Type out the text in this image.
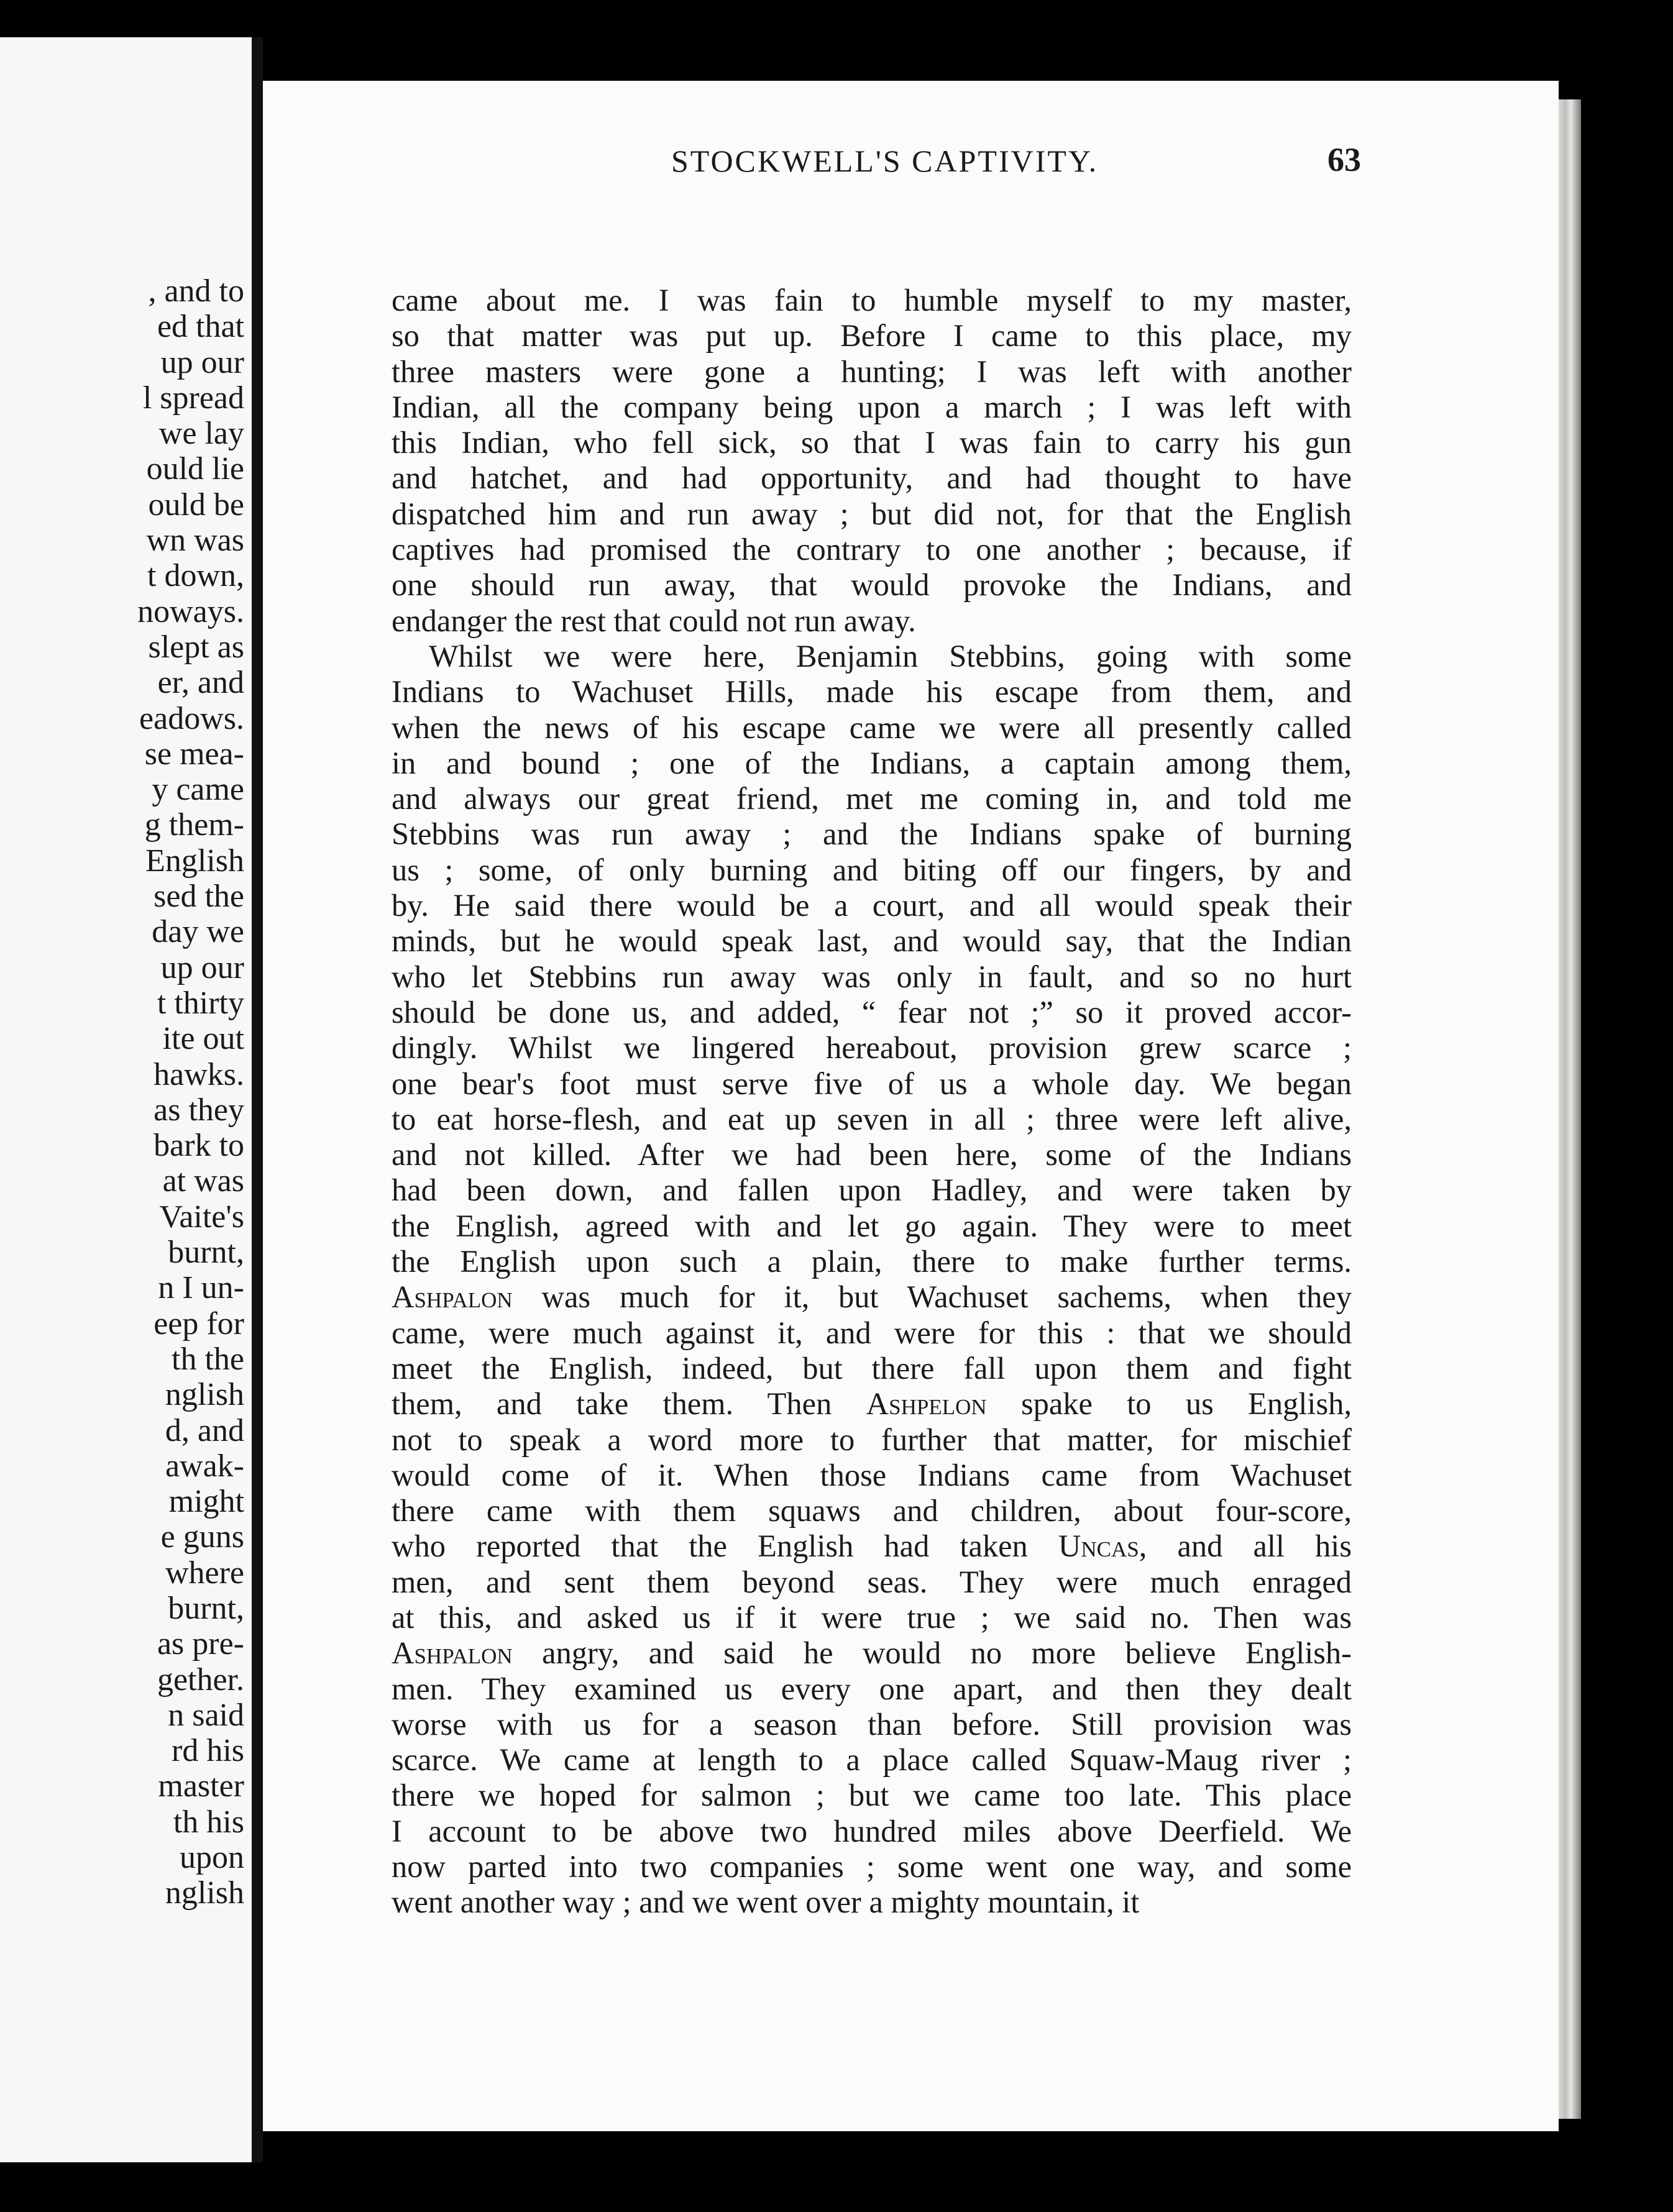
, and to
ed that
up our
l spread
we lay
ould lie
ould be
wn was
t down,
noways.
slept as
er, and
eadows.
se mea-
y came
g them-
English
sed the
day we
up our
t thirty
ite out
hawks.
as they
bark to
at was
Vaite's
burnt,
n I un-
eep for
th the
nglish
d, and
awak-
might
e guns
where
burnt,
as pre-
gether.
n said
rd his
master
th his
upon
nglish
STOCKWELL'S CAPTIVITY.	63
came about me. I was fain to humble myself to my master,
so that matter was put up. Before I came to this place, my
three masters were gone a hunting; I was left with another
Indian, all the company being upon a march ; I was left with
this Indian, who fell sick, so that I was fain to carry his gun
and hatchet, and had opportunity, and had thought to have
dispatched him and run away ; but did not, for that the English
captives had promised the contrary to one another ; because, if
one should run away, that would provoke the Indians, and
endanger the rest that could not run away.
Whilst we were here, Benjamin Stebbins, going with some
Indians to Wachuset Hills, made his escape from them, and
when the news of his escape came we were all presently called
in and bound ; one of the Indians, a captain among them,
and always our great friend, met me coming in, and told me
Stebbins was run away ; and the Indians spake of burning
us ; some, of only burning and biting off our fingers, by and
by. He said there would be a court, and all would speak their
minds, but he would speak last, and would say, that the Indian
who let Stebbins run away was only in fault, and so no hurt
should be done us, and added, “ fear not ;” so it proved accor-
dingly. Whilst we lingered hereabout, provision grew scarce ;
one bear's foot must serve five of us a whole day. We began
to eat horse-flesh, and eat up seven in all ; three were left alive,
and not killed. After we had been here, some of the Indians
had been down, and fallen upon Hadley, and were taken by
the English, agreed with and let go again. They were to meet
the English upon such a plain, there to make further terms.
Ashpalon was much for it, but Wachuset sachems, when they
came, were much against it, and were for this : that we should
meet the English, indeed, but there fall upon them and fight
them, and take them. Then Ashpelon spake to us English,
not to speak a word more to further that matter, for mischief
would come of it. When those Indians came from Wachuset
there came with them squaws and children, about four-score,
who reported that the English had taken Uncas, and all his
men, and sent them beyond seas. They were much enraged
at this, and asked us if it were true ; we said no. Then was
Ashpalon angry, and said he would no more believe English-
men. They examined us every one apart, and then they dealt
worse with us for a season than before. Still provision was
scarce. We came at length to a place called Squaw-Maug river ;
there we hoped for salmon ; but we came too late. This place
I account to be above two hundred miles above Deerfield. We
now parted into two companies ; some went one way, and some
went another way ; and we went over a mighty mountain, it
